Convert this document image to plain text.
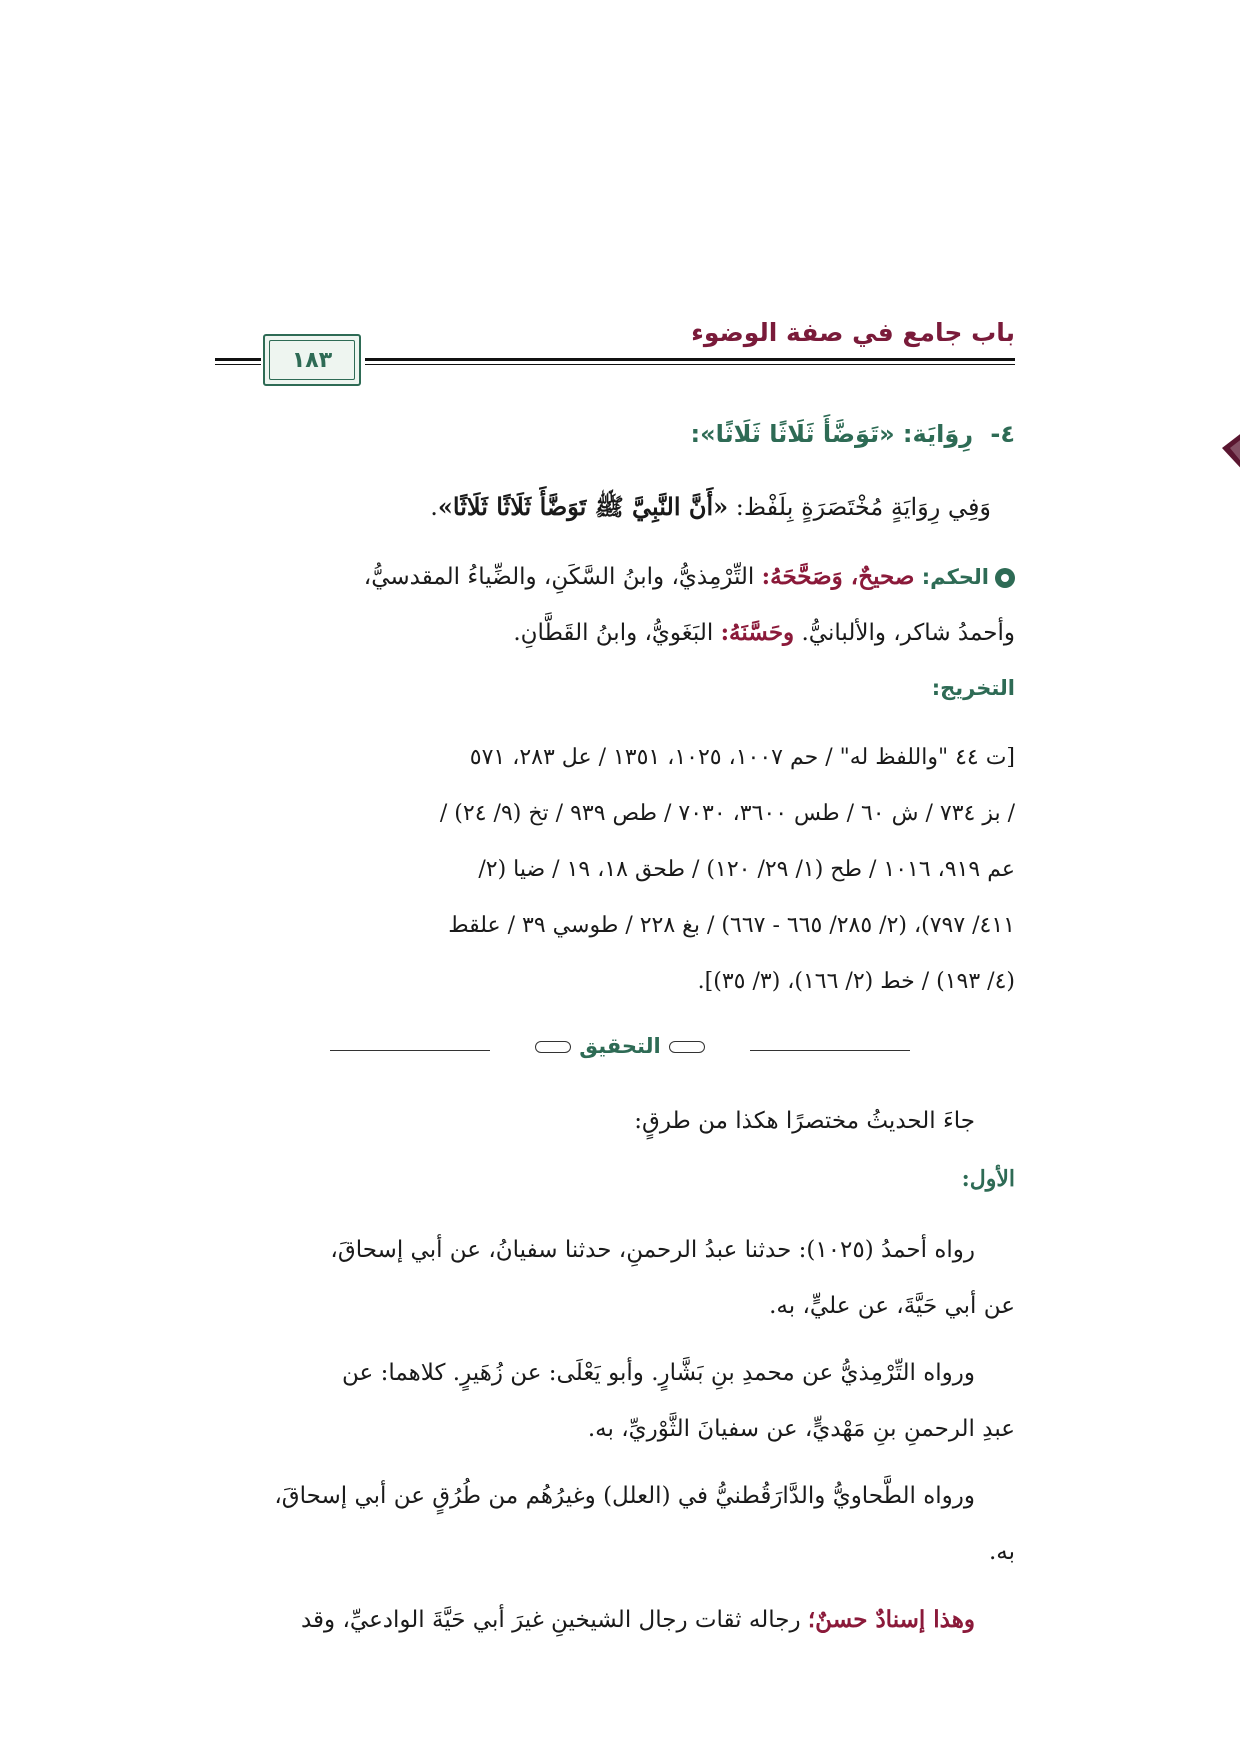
باب جامع في صفة الوضوء
١٨٣
٤- رِوَايَة: «تَوَضَّأَ ثَلَاثًا ثَلَاثًا»:
وَفِي رِوَايَةٍ مُخْتَصَرَةٍ بِلَفْظ: «أَنَّ النَّبِيَّ ﷺ تَوَضَّأَ ثَلَاثًا ثَلَاثًا».
الحكم: صحيحٌ، وَصَحَّحَهُ: التِّرْمِذيُّ، وابنُ السَّكَنِ، والضِّياءُ المقدسيُّ،
وأحمدُ شاكر، والألبانيُّ. وحَسَّنَهُ: البَغَويُّ، وابنُ القَطَّانِ.
التخريج:
[ت ٤٤ "واللفظ له" / حم ١٠٠٧، ١٠٢٥، ١٣٥١ / عل ٢٨٣، ٥٧١
/ بز ٧٣٤ / ش ٦٠ / طس ٣٦٠٠، ٧٠٣٠ / طص ٩٣٩ / تخ (٩/ ٢٤) /
عم ٩١٩، ١٠١٦ / طح (١/ ٢٩/ ١٢٠) / طحق ١٨، ١٩ / ضيا (٢/
٤١١/ ٧٩٧)، (٢/ ٢٨٥/ ٦٦٥ - ٦٦٧) / بغ ٢٢٨ / طوسي ٣٩ / علقط
(٤/ ١٩٣) / خط (٢/ ١٦٦)، (٣/ ٣٥)].
التحقيق
جاءَ الحديثُ مختصرًا هكذا من طرقٍ:
الأول:
رواه أحمدُ (١٠٢٥): حدثنا عبدُ الرحمنِ، حدثنا سفيانُ، عن أبي إسحاقَ،
عن أبي حَيَّةَ، عن عليٍّ، به.
ورواه التِّرْمِذيُّ عن محمدِ بنِ بَشَّارٍ. وأبو يَعْلَى: عن زُهَيرٍ. كلاهما: عن
عبدِ الرحمنِ بنِ مَهْديٍّ، عن سفيانَ الثَّوْريِّ، به.
ورواه الطَّحاويُّ والدَّارَقُطنيُّ في (العلل) وغيرُهُم من طُرُقٍ عن أبي إسحاقَ،
به.
وهذا إسنادٌ حسنٌ؛ رجاله ثقات رجال الشيخينِ غيرَ أبي حَيَّةَ الوادعيِّ، وقد
